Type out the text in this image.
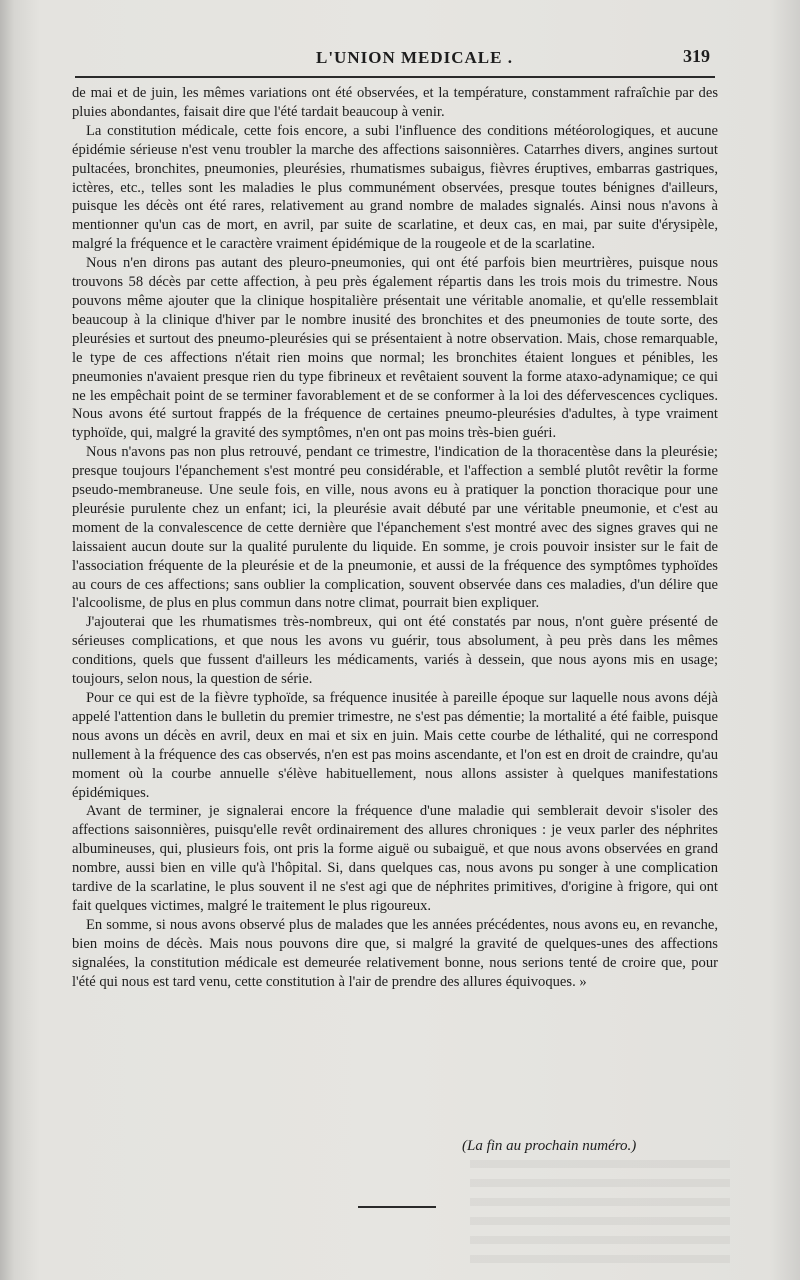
L'UNION MEDICALE .	319

de mai et de juin, les mêmes variations ont été observées, et la température, constamment rafraîchie par des pluies abondantes, faisait dire que l'été tardait beaucoup à venir.

La constitution médicale, cette fois encore, a subi l'influence des conditions météorologiques, et aucune épidémie sérieuse n'est venu troubler la marche des affections saisonnières. Catarrhes divers, angines surtout pultacées, bronchites, pneumonies, pleurésies, rhumatismes subaigus, fièvres éruptives, embarras gastriques, ictères, etc., telles sont les maladies le plus communément observées, presque toutes bénignes d'ailleurs, puisque les décès ont été rares, relativement au grand nombre de malades signalés. Ainsi nous n'avons à mentionner qu'un cas de mort, en avril, par suite de scarlatine, et deux cas, en mai, par suite d'érysipèle, malgré la fréquence et le caractère vraiment épidémique de la rougeole et de la scarlatine.

Nous n'en dirons pas autant des pleuro-pneumonies, qui ont été parfois bien meurtrières, puisque nous trouvons 58 décès par cette affection, à peu près également répartis dans les trois mois du trimestre. Nous pouvons même ajouter que la clinique hospitalière présentait une véritable anomalie, et qu'elle ressemblait beaucoup à la clinique d'hiver par le nombre inusité des bronchites et des pneumonies de toute sorte, des pleurésies et surtout des pneumo-pleurésies qui se présentaient à notre observation. Mais, chose remarquable, le type de ces affections n'était rien moins que normal; les bronchites étaient longues et pénibles, les pneumonies n'avaient presque rien du type fibrineux et revêtaient souvent la forme ataxo-adynamique; ce qui ne les empêchait point de se terminer favorablement et de se conformer à la loi des défervescences cycliques. Nous avons été surtout frappés de la fréquence de certaines pneumo-pleurésies d'adultes, à type vraiment typhoïde, qui, malgré la gravité des symptômes, n'en ont pas moins très-bien guéri.

Nous n'avons pas non plus retrouvé, pendant ce trimestre, l'indication de la thoracentèse dans la pleurésie; presque toujours l'épanchement s'est montré peu considérable, et l'affection a semblé plutôt revêtir la forme pseudo-membraneuse. Une seule fois, en ville, nous avons eu à pratiquer la ponction thoracique pour une pleurésie purulente chez un enfant; ici, la pleurésie avait débuté par une véritable pneumonie, et c'est au moment de la convalescence de cette dernière que l'épanchement s'est montré avec des signes graves qui ne laissaient aucun doute sur la qualité purulente du liquide. En somme, je crois pouvoir insister sur le fait de l'association fréquente de la pleurésie et de la pneumonie, et aussi de la fréquence des symptômes typhoïdes au cours de ces affections; sans oublier la complication, souvent observée dans ces maladies, d'un délire que l'alcoolisme, de plus en plus commun dans notre climat, pourrait bien expliquer.

J'ajouterai que les rhumatismes très-nombreux, qui ont été constatés par nous, n'ont guère présenté de sérieuses complications, et que nous les avons vu guérir, tous absolument, à peu près dans les mêmes conditions, quels que fussent d'ailleurs les médicaments, variés à dessein, que nous ayons mis en usage; toujours, selon nous, la question de série.

Pour ce qui est de la fièvre typhoïde, sa fréquence inusitée à pareille époque sur laquelle nous avons déjà appelé l'attention dans le bulletin du premier trimestre, ne s'est pas démentie; la mortalité a été faible, puisque nous avons un décès en avril, deux en mai et six en juin. Mais cette courbe de léthalité, qui ne correspond nullement à la fréquence des cas observés, n'en est pas moins ascendante, et l'on est en droit de craindre, qu'au moment où la courbe annuelle s'élève habituellement, nous allons assister à quelques manifestations épidémiques.

Avant de terminer, je signalerai encore la fréquence d'une maladie qui semblerait devoir s'isoler des affections saisonnières, puisqu'elle revêt ordinairement des allures chroniques : je veux parler des néphrites albumineuses, qui, plusieurs fois, ont pris la forme aiguë ou subaiguë, et que nous avons observées en grand nombre, aussi bien en ville qu'à l'hôpital. Si, dans quelques cas, nous avons pu songer à une complication tardive de la scarlatine, le plus souvent il ne s'est agi que de néphrites primitives, d'origine à frigore, qui ont fait quelques victimes, malgré le traitement le plus rigoureux.

En somme, si nous avons observé plus de malades que les années précédentes, nous avons eu, en revanche, bien moins de décès. Mais nous pouvons dire que, si malgré la gravité de quelques-unes des affections signalées, la constitution médicale est demeurée relativement bonne, nous serions tenté de croire que, pour l'été qui nous est tard venu, cette constitution à l'air de prendre des allures équivoques. »

(La fin au prochain numéro.)
